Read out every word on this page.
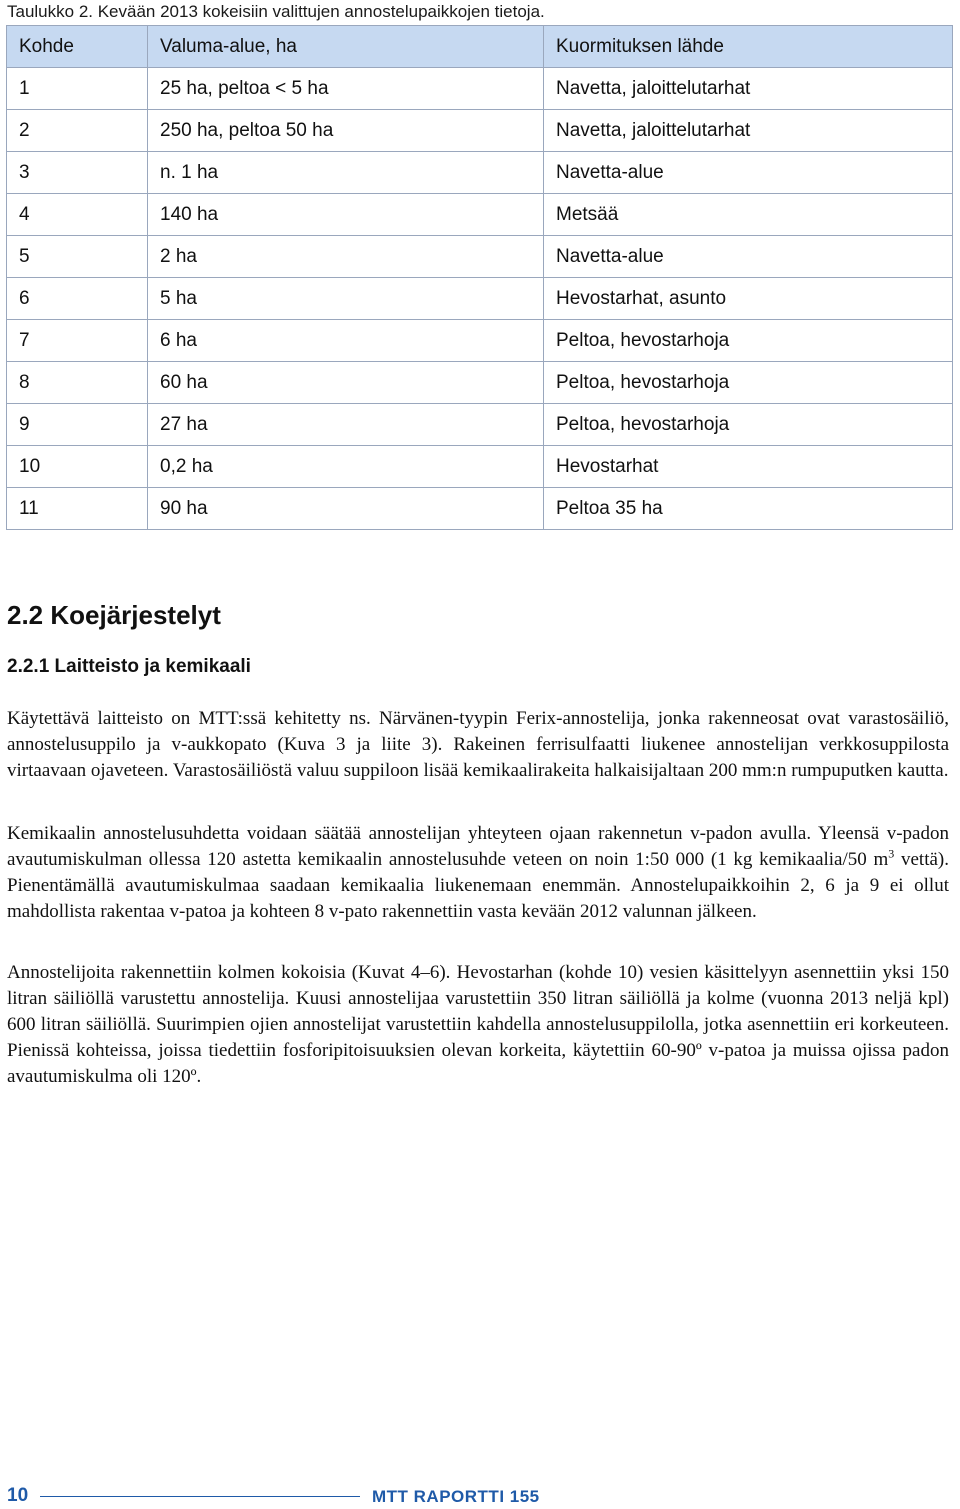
Taulukko 2. Kevään 2013 kokeisiin valittujen annostelupaikkojen tietoja.
Kohde	Valuma-alue, ha	Kuormituksen lähde
1	25 ha, peltoa < 5 ha	Navetta, jaloittelutarhat
2	250 ha, peltoa 50 ha	Navetta, jaloittelutarhat
3	n. 1 ha	Navetta-alue
4	140 ha	Metsää
5	2 ha	Navetta-alue
6	5 ha	Hevostarhat, asunto
7	6 ha	Peltoa, hevostarhoja
8	60 ha	Peltoa, hevostarhoja
9	27 ha	Peltoa, hevostarhoja
10	0,2 ha	Hevostarhat
11	90 ha	Peltoa 35 ha
2.2 Koejärjestelyt
2.2.1 Laitteisto ja kemikaali

Käytettävä laitteisto on MTT:ssä kehitetty ns. Närvänen-tyypin Ferix-annostelija, jonka rakenneosat ovat varastosäiliö, annostelusuppilo ja v-aukkopato (Kuva 3 ja liite 3). Rakeinen ferrisulfaatti liukenee annostelijan verkkosuppilosta virtaavaan ojaveteen. Varastosäiliöstä valuu suppiloon lisää kemikaalirakeita halkaisijaltaan 200 mm:n rumpuputken kautta.

Kemikaalin annostelusuhdetta voidaan säätää annostelijan yhteyteen ojaan rakennetun v-padon avulla. Yleensä v-padon avautumiskulman ollessa 120 astetta kemikaalin annostelusuhde veteen on noin 1:50 000 (1 kg kemikaalia/50 $m^3$ vettä). Pienentämällä avautumiskulmaa saadaan kemikaalia liukenemaan enemmän. Annostelupaikkoihin 2, 6 ja 9 ei ollut mahdollista rakentaa v-patoa ja kohteen 8 v-pato rakennettiin vasta kevään 2012 valunnan jälkeen.

Annostelijoita rakennettiin kolmen kokoisia (Kuvat 4–6). Hevostarhan (kohde 10) vesien käsittelyyn asennettiin yksi 150 litran säiliöllä varustettu annostelija. Kuusi annostelijaa varustettiin 350 litran säiliöllä ja kolme (vuonna 2013 neljä kpl) 600 litran säiliöllä. Suurimpien ojien annostelijat varustettiin kahdella annostelusuppilolla, jotka asennettiin eri korkeuteen. Pienissä kohteissa, joissa tiedettiin fosforipitoisuuksien olevan korkeita, käytettiin 60-90º v-patoa ja muissa ojissa padon avautumiskulma oli 120º.

10	MTT RAPORTTI 155
